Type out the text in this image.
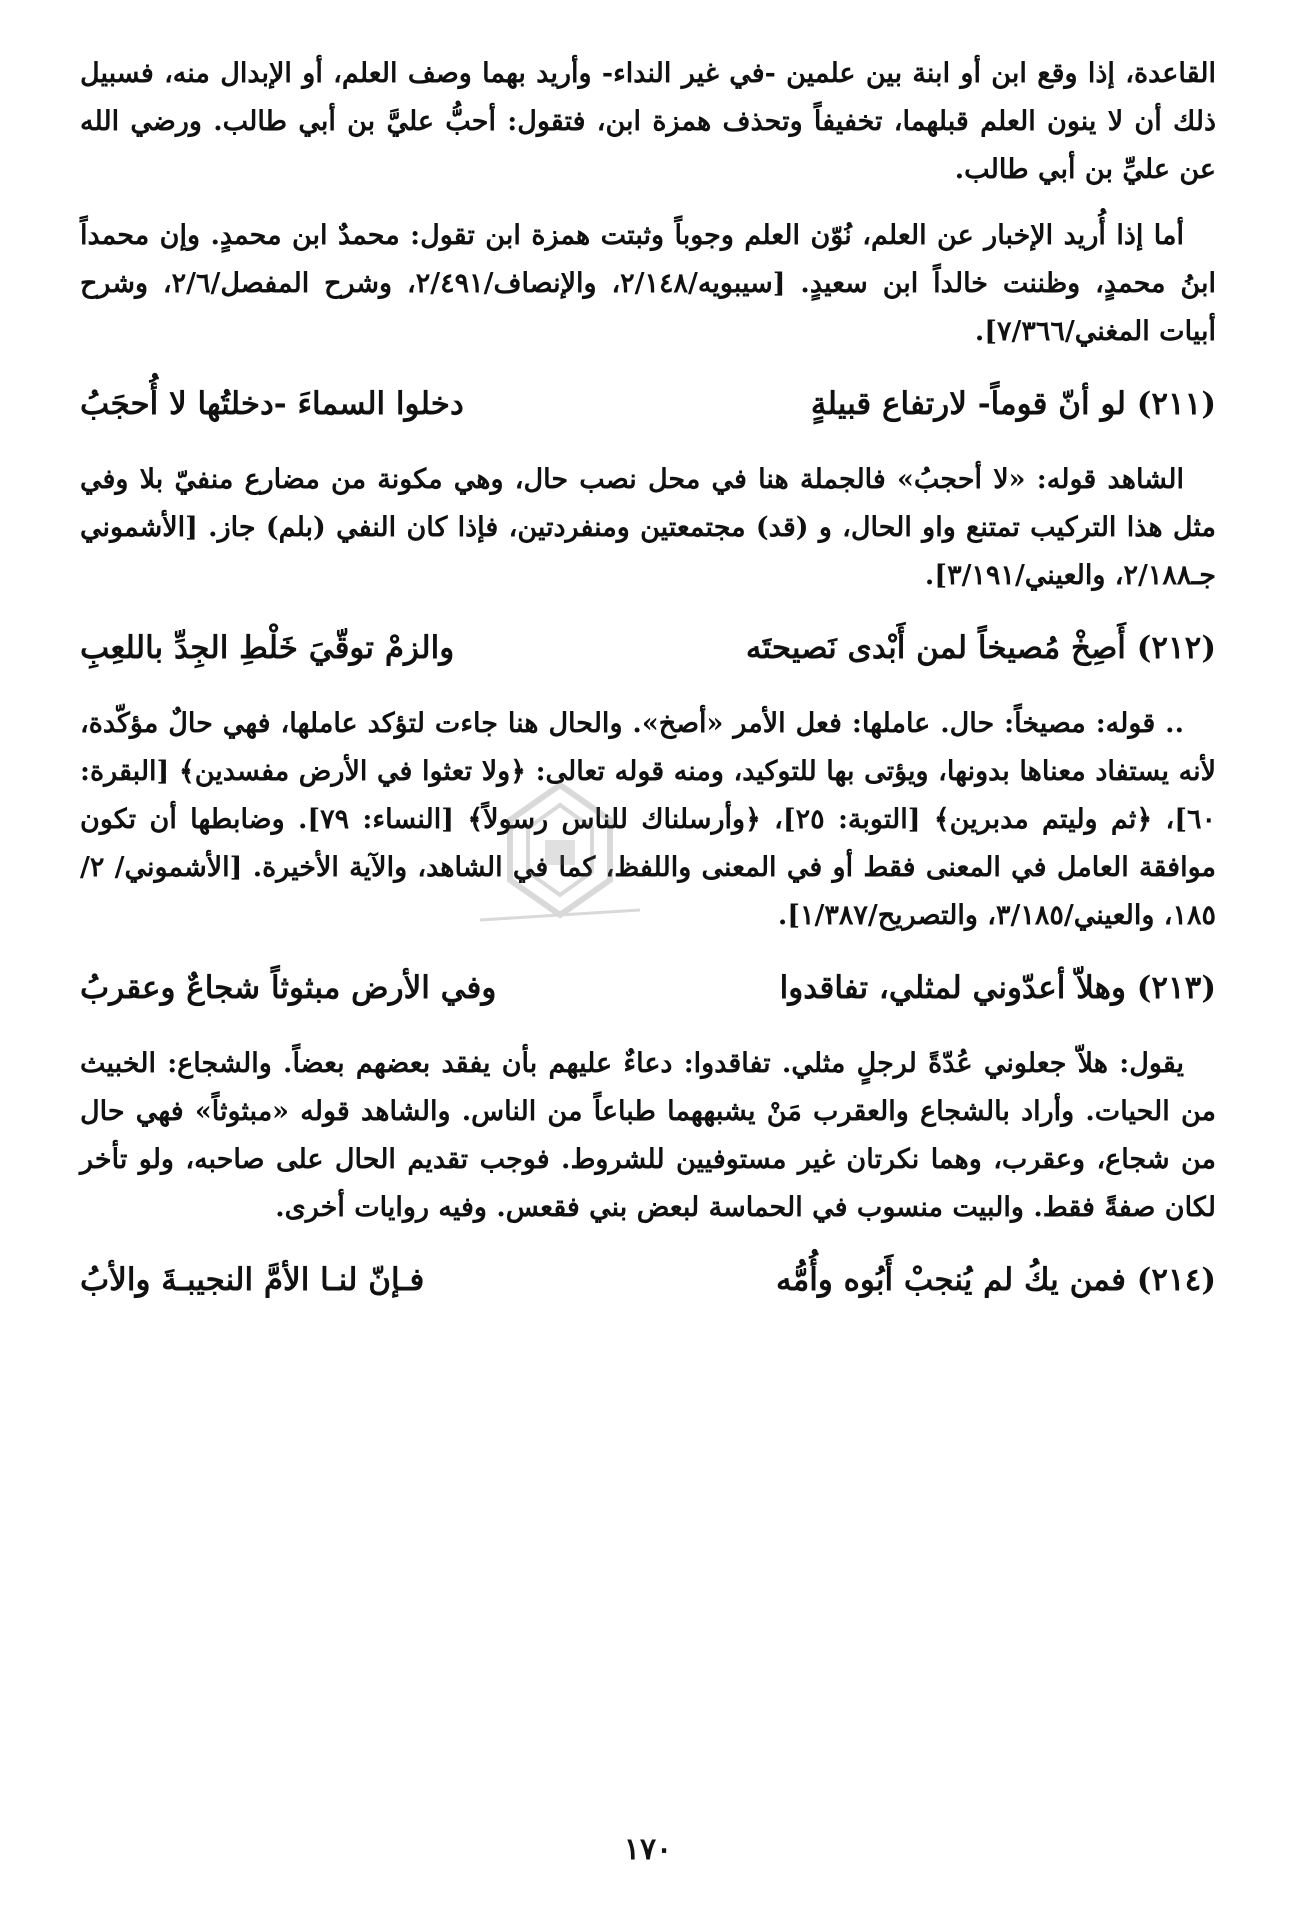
القاعدة، إذا وقع ابن أو ابنة بين علمين -في غير النداء- وأريد بهما وصف العلم، أو الإبدال منه، فسبيل ذلك أن لا ينون العلم قبلهما، تخفيفاً وتحذف همزة ابن، فتقول: أحبُّ عليَّ بن أبي طالب. ورضي الله عن عليِّ بن أبي طالب.

أما إذا أُريد الإخبار عن العلم، نُوّن العلم وجوباً وثبتت همزة ابن تقول: محمدٌ ابن محمدٍ. وإن محمداً ابنُ محمدٍ، وظننت خالداً ابن سعيدٍ. [سيبويه/٢/١٤٨، والإنصاف/٢/٤٩١، وشرح المفصل/٢/٦، وشرح أبيات المغني/٧/٣٦٦].

(٢١١) لو أنّ قوماً- لارتفاع قبيلةٍ
دخلوا السماءَ -دخلتُها لا أُحجَبُ

الشاهد قوله: «لا أحجبُ» فالجملة هنا في محل نصب حال، وهي مكونة من مضارع منفيّ بلا وفي مثل هذا التركيب تمتنع واو الحال، و (قد) مجتمعتين ومنفردتين، فإذا كان النفي (بلم) جاز. [الأشموني جـ٢/١٨٨، والعيني/٣/١٩١].

(٢١٢) أَصِخْ مُصيخاً لمن أَبْدى نَصيحتَه
والزمْ توقّيَ خَلْطِ الجِدِّ باللعِبِ

.. قوله: مصيخاً: حال. عاملها: فعل الأمر «أصخ». والحال هنا جاءت لتؤكد عاملها، فهي حالٌ مؤكّدة، لأنه يستفاد معناها بدونها، ويؤتى بها للتوكيد، ومنه قوله تعالى: ﴿ولا تعثوا في الأرض مفسدين﴾ [البقرة: ٦٠]، ﴿ثم وليتم مدبرين﴾ [التوبة: ٢٥]، ﴿وأرسلناك للناس رسولاً﴾ [النساء: ٧٩]. وضابطها أن تكون موافقة العامل في المعنى فقط أو في المعنى واللفظ، كما في الشاهد، والآية الأخيرة. [الأشموني/ ٢/ ١٨٥، والعيني/٣/١٨٥، والتصريح/١/٣٨٧].

(٢١٣) وهلاّ أعدّوني لمثلي، تفاقدوا
وفي الأرض مبثوثاً شجاعٌ وعقربُ

يقول: هلاّ جعلوني عُدّةً لرجلٍ مثلي. تفاقدوا: دعاءٌ عليهم بأن يفقد بعضهم بعضاً. والشجاع: الخبيث من الحيات. وأراد بالشجاع والعقرب مَنْ يشبههما طباعاً من الناس. والشاهد قوله «مبثوثاً» فهي حال من شجاع، وعقرب، وهما نكرتان غير مستوفيين للشروط. فوجب تقديم الحال على صاحبه، ولو تأخر لكان صفةً فقط. والبيت منسوب في الحماسة لبعض بني فقعس. وفيه روايات أخرى.

(٢١٤) فمن يكُ لم يُنجبْ أَبُوه وأُمُّه
فـإنّ لنـا الأمَّ النجيبـةَ والأبُ
١٧٠
